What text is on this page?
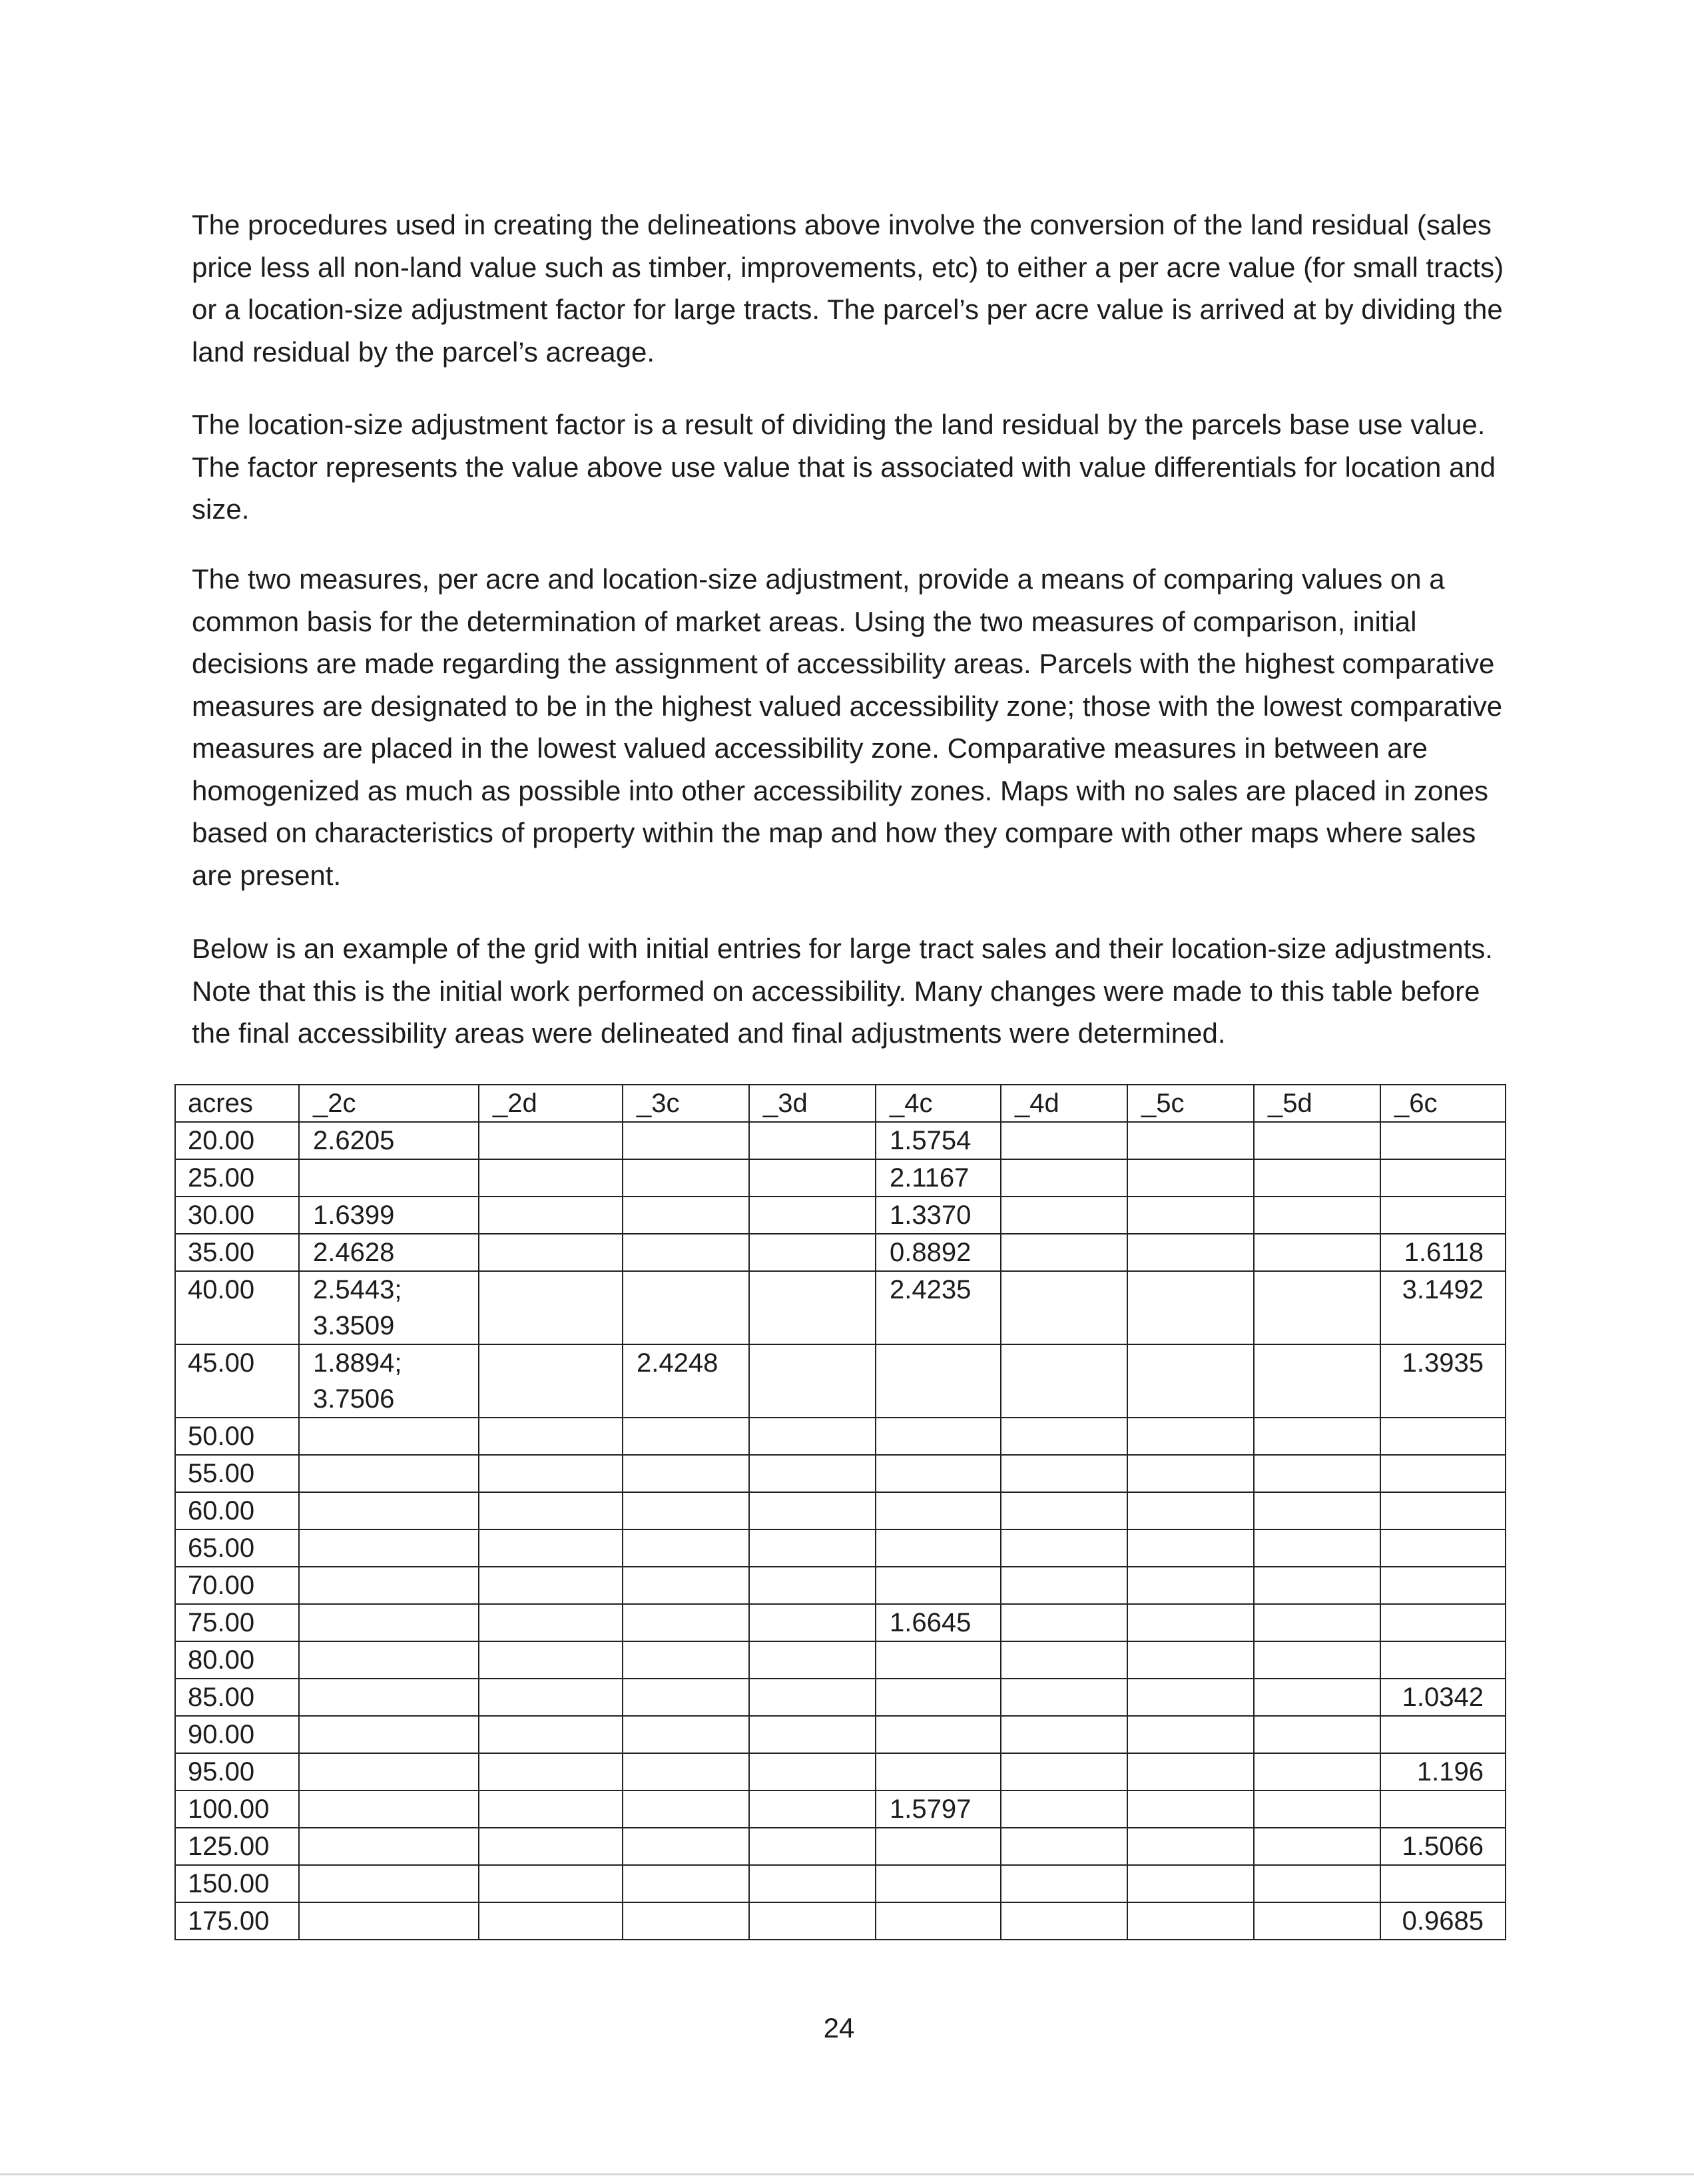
The procedures used in creating the delineations above involve the conversion of the land residual (sales price less all non-land value such as timber, improvements, etc) to either a per acre value (for small tracts) or a location-size adjustment factor for large tracts. The parcel’s per acre value is arrived at by dividing the land residual by the parcel’s acreage.

The location-size adjustment factor is a result of dividing the land residual by the parcels base use value. The factor represents the value above use value that is associated with value differentials for location and size.

The two measures, per acre and location-size adjustment, provide a means of comparing values on a common basis for the determination of market areas. Using the two measures of comparison, initial decisions are made regarding the assignment of accessibility areas. Parcels with the highest comparative measures are designated to be in the highest valued accessibility zone; those with the lowest comparative measures are placed in the lowest valued accessibility zone. Comparative measures in between are homogenized as much as possible into other accessibility zones. Maps with no sales are placed in zones based on characteristics of property within the map and how they compare with other maps where sales are present.

Below is an example of the grid with initial entries for large tract sales and their location-size adjustments. Note that this is the initial work performed on accessibility. Many changes were made to this table before the final accessibility areas were delineated and final adjustments were determined.

acres	_2c	_2d	_3c	_3d	_4c	_4d	_5c	_5d	_6c
20.00	2.6205				1.5754				

25.00					2.1167				

30.00	1.6399				1.3370				

35.00	2.4628				0.8892				1.6118

40.00	2.5443;
3.3509				2.4235				3.1492

45.00	1.8894;
3.7506		2.4248						1.3935

50.00									
55.00									
60.00									
65.00									
70.00									
75.00					1.6645				

80.00									
85.00									1.0342

90.00									
95.00									1.196

100.00					1.5797				

125.00									1.5066

150.00									
175.00									0.9685
24
